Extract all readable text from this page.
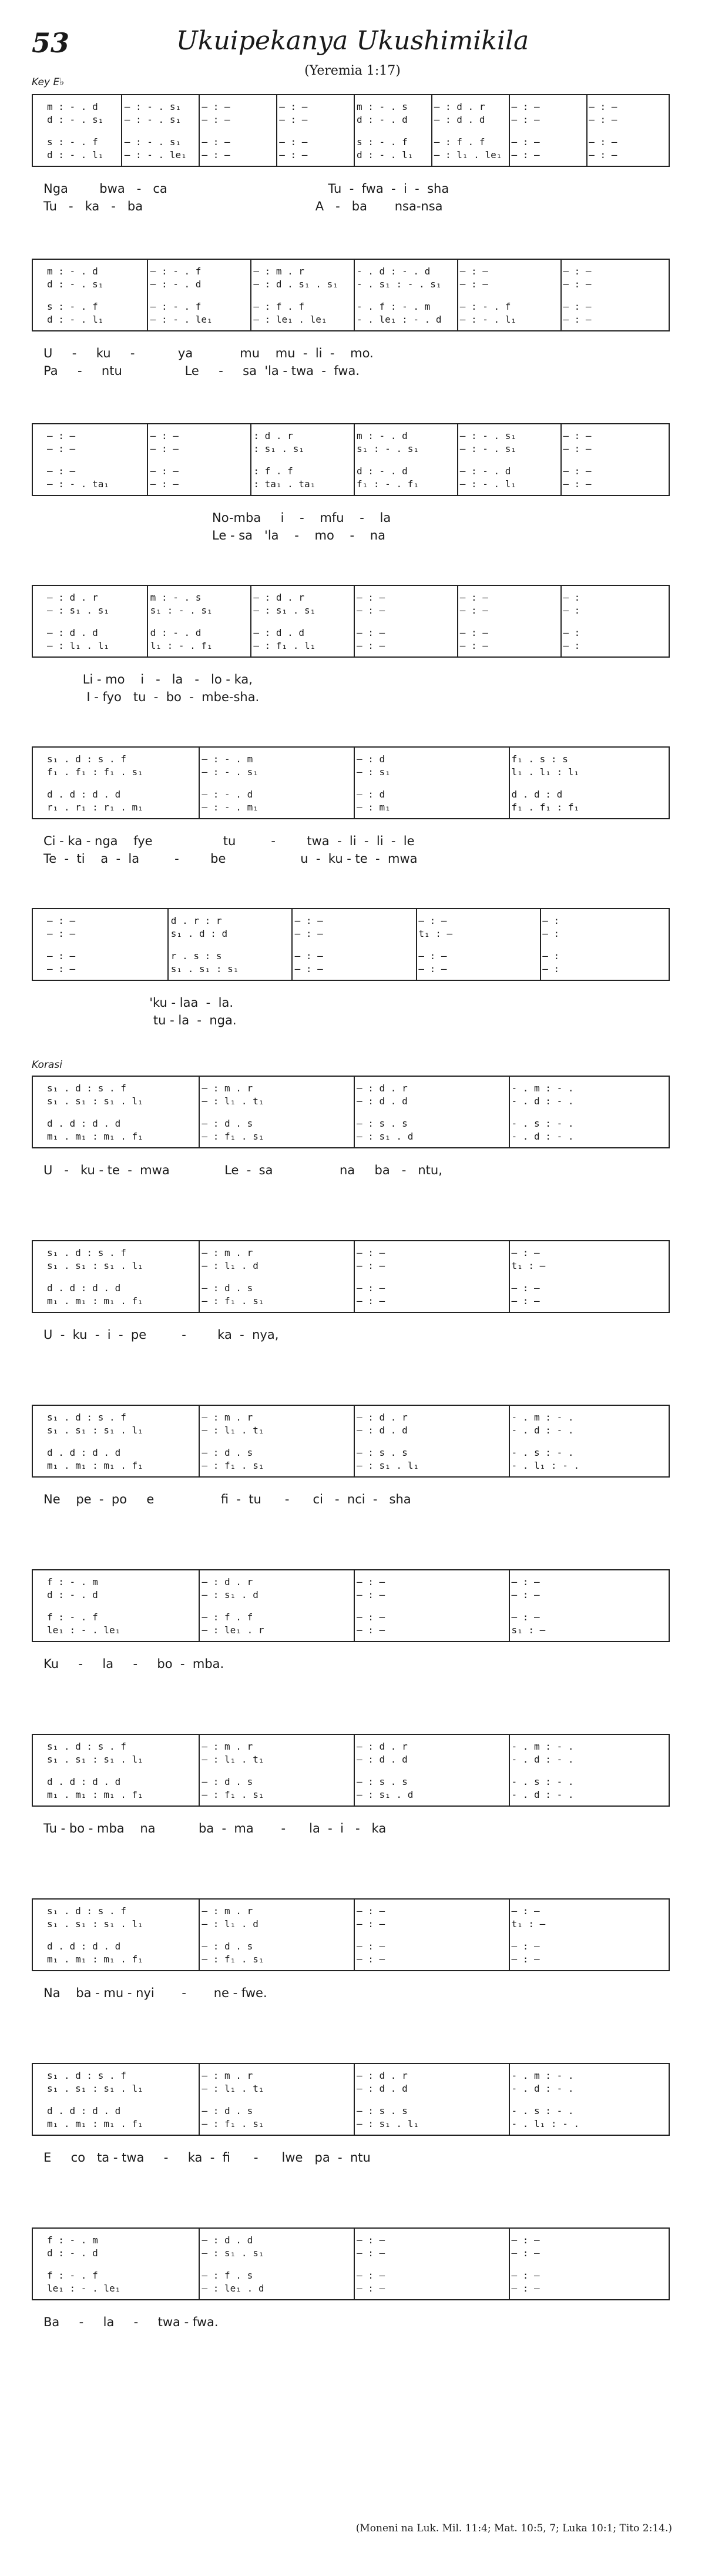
53	Ukuipekanya Ukushimikila
(Yeremia 1:17)
Key E♭
Korasi
m : - . d	— : - . s₁	— : —	— : —	m : - . s	— : d . r	— : —	— : —
d : - . s₁	— : - . s₁	— : —	— : —	d : - . d	— : d . d	— : —	— : —
s : - . f	— : - . s₁	— : —	— : —	s : - . f	— : f . f	— : —	— : —
d : - . l₁	— : - . le₁	— : —	— : —	d : - . l₁	— : l₁ . le₁	— : —	— : —
Nga        bwa   -   ca                                         Tu  -  fwa  -  i  -  sha
Tu   -   ka   -   ba                                            A   -   ba       nsa-nsa
m : - . d	— : - . f	— : m . r	- . d : - . d	— : —	— : —
d : - . s₁	— : - . d	— : d . s₁ . s₁	- . s₁ : - . s₁	— : —	— : —
s : - . f	— : - . f	— : f . f	- . f : - . m	— : - . f	— : —
d : - . l₁	— : - . le₁	— : le₁ . le₁	- . le₁ : - . d	— : - . l₁	— : —
U     -     ku     -           ya            mu    mu  -  li  -    mo.
Pa     -     ntu                Le     -     sa  'la - twa  -  fwa.
— : —	— : —	: d . r	m : - . d	— : - . s₁	— : —
— : —	— : —	: s₁ . s₁	s₁ : - . s₁	— : - . s₁	— : —
— : —	— : —	: f . f	d : - . d	— : - . d	— : —
— : - . ta₁	— : —	: ta₁ . ta₁	f₁ : - . f₁	— : - . l₁	— : —
No-mba     i    -    mfu    -    la
Le - sa   'la    -    mo    -    na
— : d . r	m : - . s	— : d . r	— : —	— : —	— :
— : s₁ . s₁	s₁ : - . s₁	— : s₁ . s₁	— : —	— : —	— :
— : d . d	d : - . d	— : d . d	— : —	— : —	— :
— : l₁ . l₁	l₁ : - . f₁	— : f₁ . l₁	— : —	— : —	— :
Li - mo    i   -   la   -   lo - ka,
I - fyo   tu  -  bo  -  mbe-sha.
s₁ . d : s . f	— : - . m	— : d	f₁ . s : s
f₁ . f₁ : f₁ . s₁	— : - . s₁	— : s₁	l₁ . l₁ : l₁
d . d : d . d	— : - . d	— : d	d . d : d
r₁ . r₁ : r₁ . m₁	— : - . m₁	— : m₁	f₁ . f₁ : f₁
Ci - ka - nga    fye                  tu         -        twa  -  li  -  li  -  le
Te  -  ti    a  -  la         -        be                   u  -  ku - te  -  mwa
— : —	d . r : r	— : —	— : —	— :
— : —	s₁ . d : d	— : —	t₁ : —	— :
— : —	r . s : s	— : —	— : —	— :
— : —	s₁ . s₁ : s₁	— : —	— : —	— :
'ku - laa  -  la.
tu - la  -  nga.
s₁ . d : s . f	— : m . r	— : d . r	- . m : - .
s₁ . s₁ : s₁ . l₁	— : l₁ . t₁	— : d . d	- . d : - .
d . d : d . d	— : d . s	— : s . s	- . s : - .
m₁ . m₁ : m₁ . f₁	— : f₁ . s₁	— : s₁ . d	- . d : - .
U   -   ku - te  -  mwa              Le  -  sa                 na     ba   -   ntu,
s₁ . d : s . f	— : m . r	— : —	— : —
s₁ . s₁ : s₁ . l₁	— : l₁ . d	— : —	t₁ : —
d . d : d . d	— : d . s	— : —	— : —
m₁ . m₁ : m₁ . f₁	— : f₁ . s₁	— : —	— : —
U  -  ku  -  i  -  pe         -        ka  -  nya,
s₁ . d : s . f	— : m . r	— : d . r	- . m : - .
s₁ . s₁ : s₁ . l₁	— : l₁ . t₁	— : d . d	- . d : - .
d . d : d . d	— : d . s	— : s . s	- . s : - .
m₁ . m₁ : m₁ . f₁	— : f₁ . s₁	— : s₁ . l₁	- . l₁ : - .
Ne    pe  -  po     e                 fi  -  tu      -      ci   -  nci  -   sha
f : - . m	— : d . r	— : —	— : —
d : - . d	— : s₁ . d	— : —	— : —
f : - . f	— : f . f	— : —	— : —
le₁ : - . le₁	— : le₁ . r	— : —	s₁ : —
Ku     -     la     -     bo  -  mba.
s₁ . d : s . f	— : m . r	— : d . r	- . m : - .
s₁ . s₁ : s₁ . l₁	— : l₁ . t₁	— : d . d	- . d : - .
d . d : d . d	— : d . s	— : s . s	- . s : - .
m₁ . m₁ : m₁ . f₁	— : f₁ . s₁	— : s₁ . d	- . d : - .
Tu - bo - mba    na           ba  -  ma       -      la  -  i   -   ka
s₁ . d : s . f	— : m . r	— : —	— : —
s₁ . s₁ : s₁ . l₁	— : l₁ . d	— : —	t₁ : —
d . d : d . d	— : d . s	— : —	— : —
m₁ . m₁ : m₁ . f₁	— : f₁ . s₁	— : —	— : —
Na    ba - mu - nyi       -       ne - fwe.
s₁ . d : s . f	— : m . r	— : d . r	- . m : - .
s₁ . s₁ : s₁ . l₁	— : l₁ . t₁	— : d . d	- . d : - .
d . d : d . d	— : d . s	— : s . s	- . s : - .
m₁ . m₁ : m₁ . f₁	— : f₁ . s₁	— : s₁ . l₁	- . l₁ : - .
E     co   ta - twa     -     ka  -  fi      -      lwe   pa  -  ntu
f : - . m	— : d . d	— : —	— : —
d : - . d	— : s₁ . s₁	— : —	— : —
f : - . f	— : f . s	— : —	— : —
le₁ : - . le₁	— : le₁ . d	— : —	— : —
Ba     -     la     -     twa - fwa.
(Moneni na Luk. Mil. 11:4; Mat. 10:5, 7; Luka 10:1; Tito 2:14.)
